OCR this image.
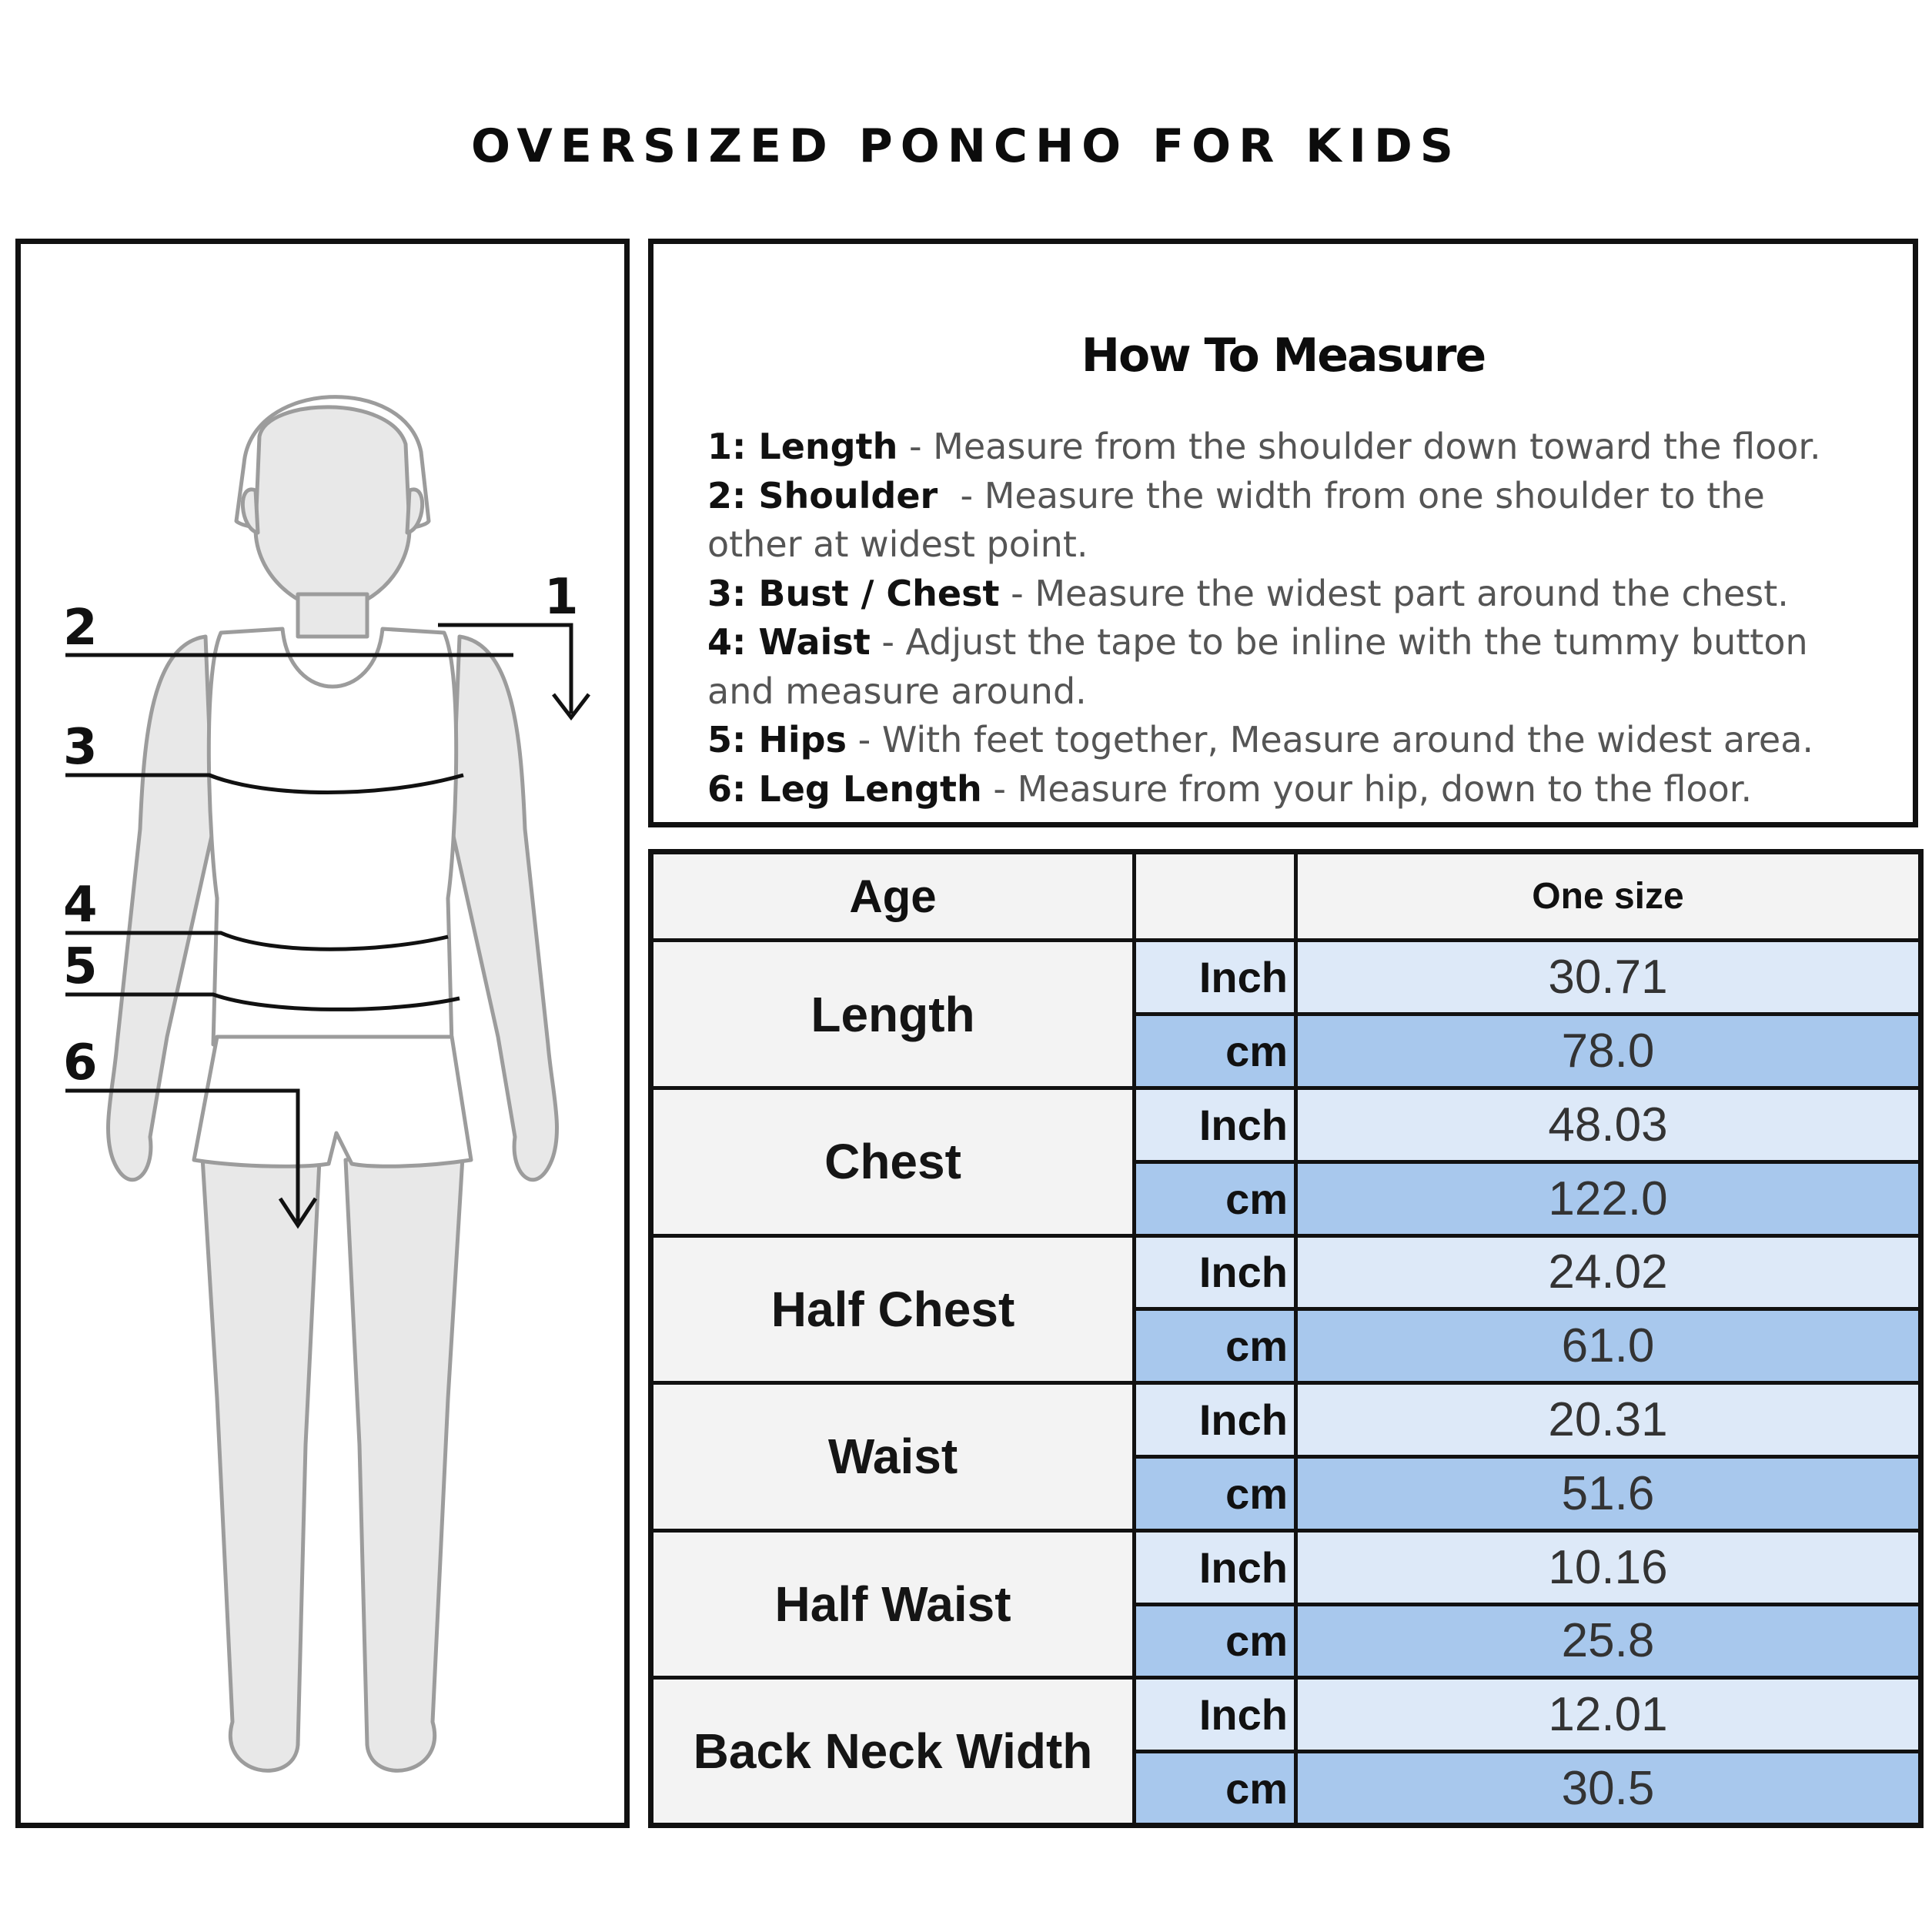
OVERSIZED PONCHO FOR KIDS
1
2
3
4
5
6
How To Measure
1: Length - Measure from the shoulder down toward the floor.
2: Shoulder  - Measure the width from one shoulder to the
other at widest point.
3: Bust / Chest - Measure the widest part around the chest.
4: Waist - Adjust the tape to be inline with the tummy button
and measure around.
5: Hips - With feet together, Measure around the widest area.
6: Leg Length - Measure from your hip, down to the floor.
Age		One size
Length	Inch	30.71
	cm	78.0
Chest	Inch	48.03
	cm	122.0
Half Chest	Inch	24.02
	cm	61.0
Waist	Inch	20.31
	cm	51.6
Half Waist	Inch	10.16
	cm	25.8
Back Neck Width	Inch	12.01
	cm	30.5
